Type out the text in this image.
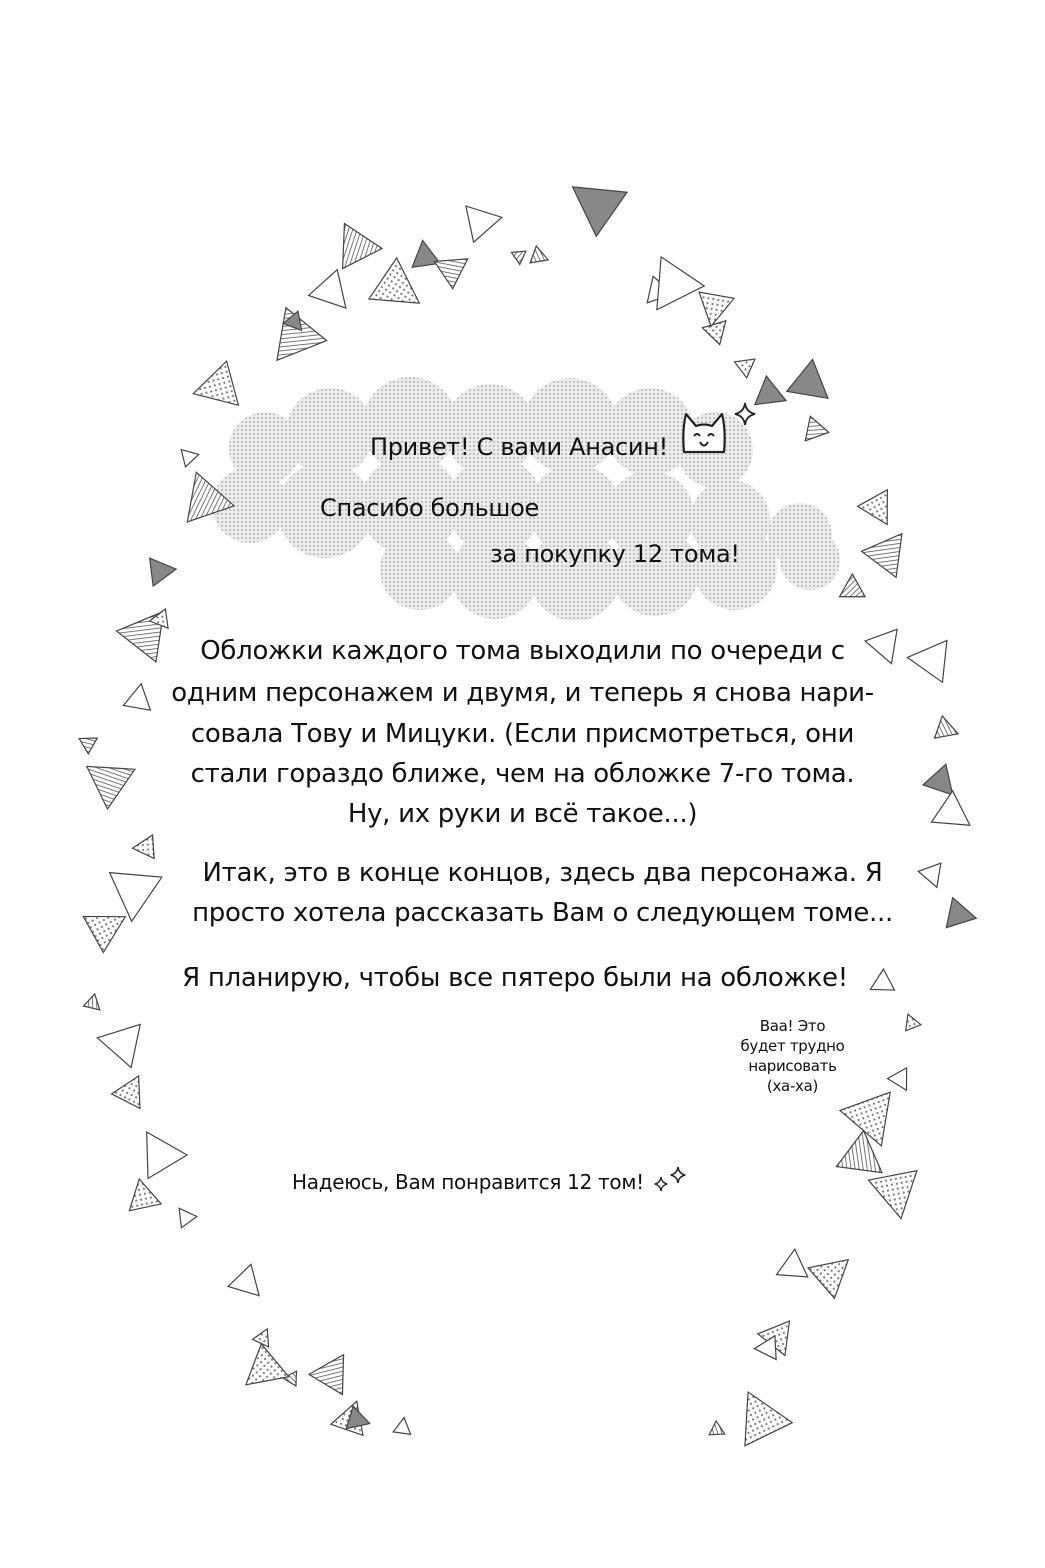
Привет! С вами Анасин!
Спасибо большое
за покупку 12 тома!
Обложки каждого тома выходили по очереди с
одним персонажем и двумя, и теперь я снова нари-
совала Тову и Мицуки. (Если присмотреться, они
стали гораздо ближе, чем на обложке 7-го тома.
Ну, их руки и всё такое...)
Итак, это в конце концов, здесь два персонажа. Я
просто хотела рассказать Вам о следующем томе...
Я планирую, чтобы все пятеро были на обложке!
Ваа! Это
будет трудно
нарисовать
(ха-ха)
Надеюсь, Вам понравится 12 том!
